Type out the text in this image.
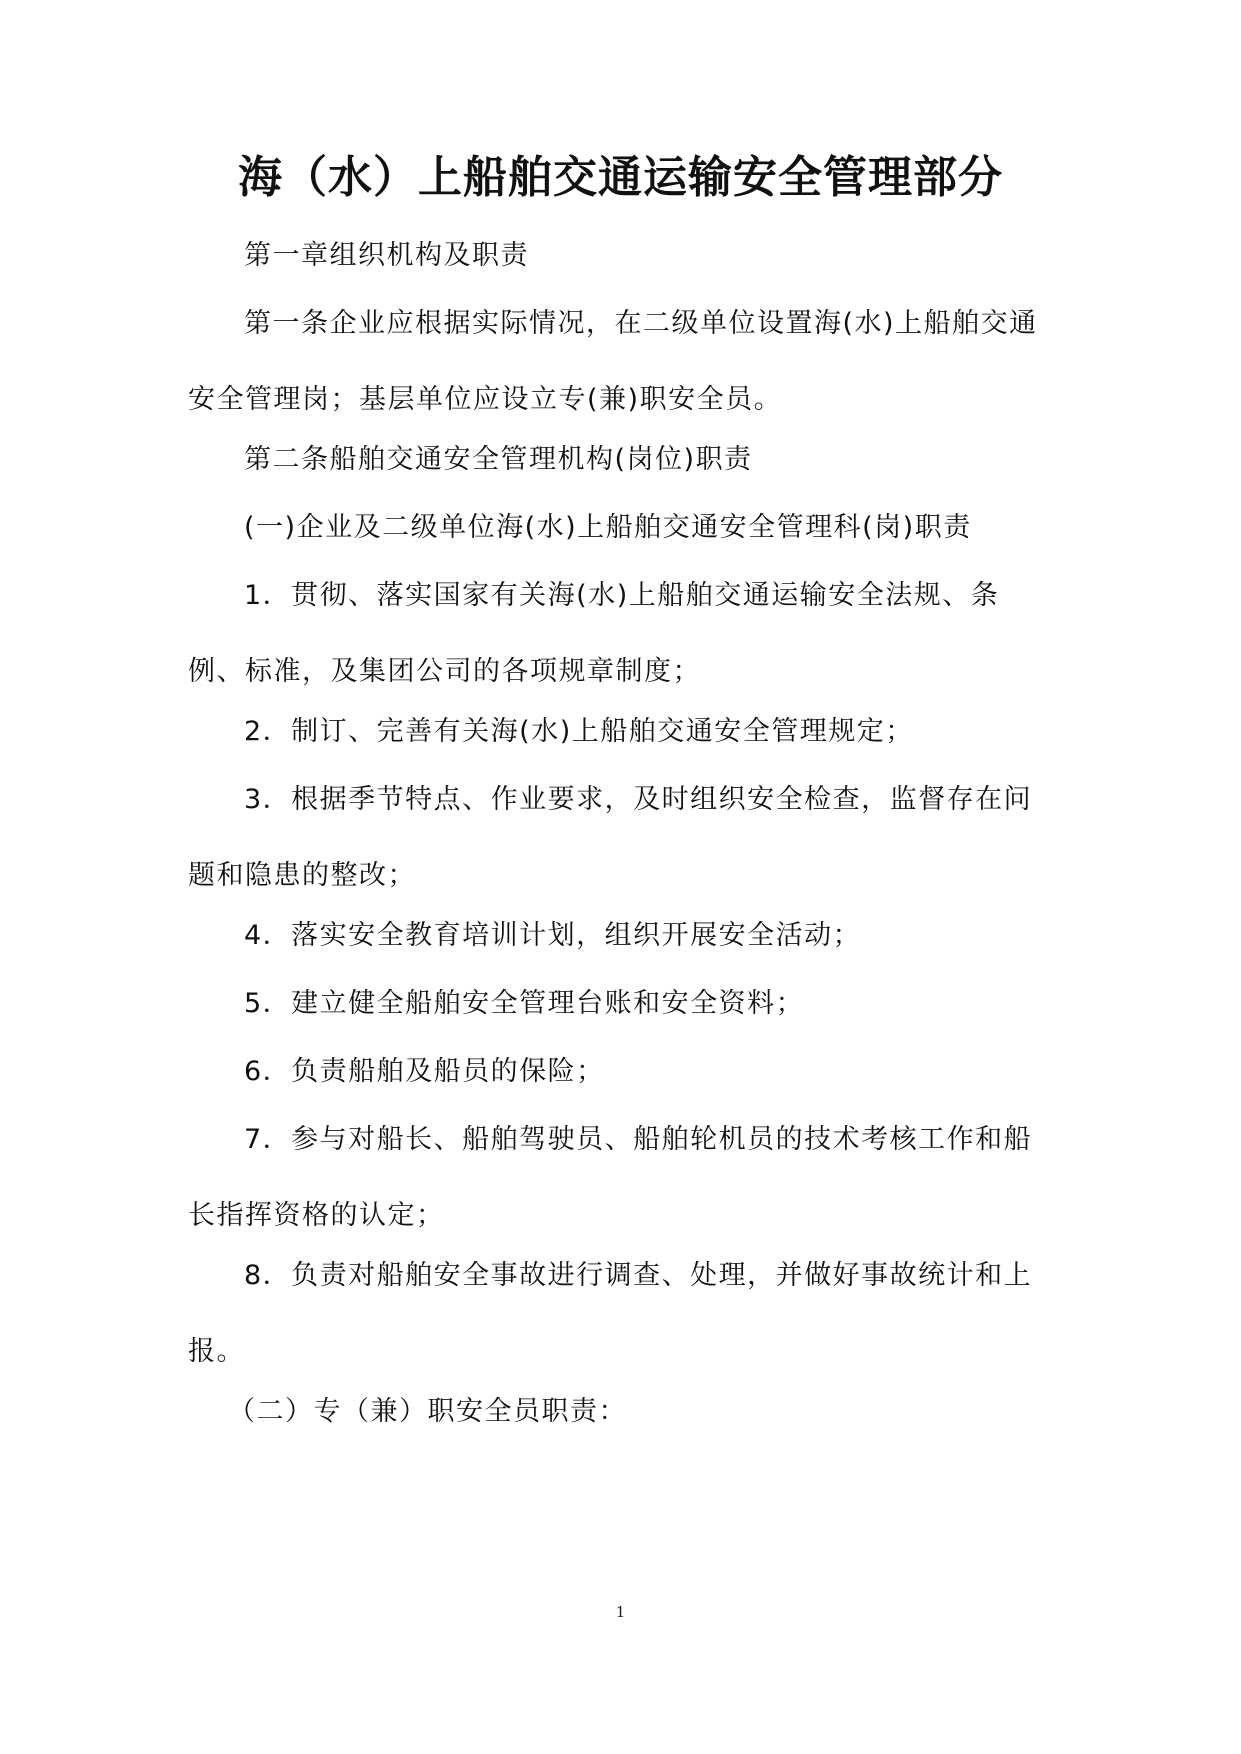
海（水）上船舶交通运输安全管理部分

第一章组织机构及职责

第一条企业应根据实际情况，在二级单位设置海(水)上船舶交通安全管理岗；基层单位应设立专(兼)职安全员。

第二条船舶交通安全管理机构(岗位)职责

(一)企业及二级单位海(水)上船舶交通安全管理科(岗)职责

1．贯彻、落实国家有关海(水)上船舶交通运输安全法规、条例、标准，及集团公司的各项规章制度；

2．制订、完善有关海(水)上船舶交通安全管理规定；

3．根据季节特点、作业要求，及时组织安全检查，监督存在问题和隐患的整改；

4．落实安全教育培训计划，组织开展安全活动；

5．建立健全船舶安全管理台账和安全资料；

6．负责船舶及船员的保险；

7．参与对船长、船舶驾驶员、船舶轮机员的技术考核工作和船长指挥资格的认定；

8．负责对船舶安全事故进行调查、处理，并做好事故统计和上报。

（二）专（兼）职安全员职责：

1
